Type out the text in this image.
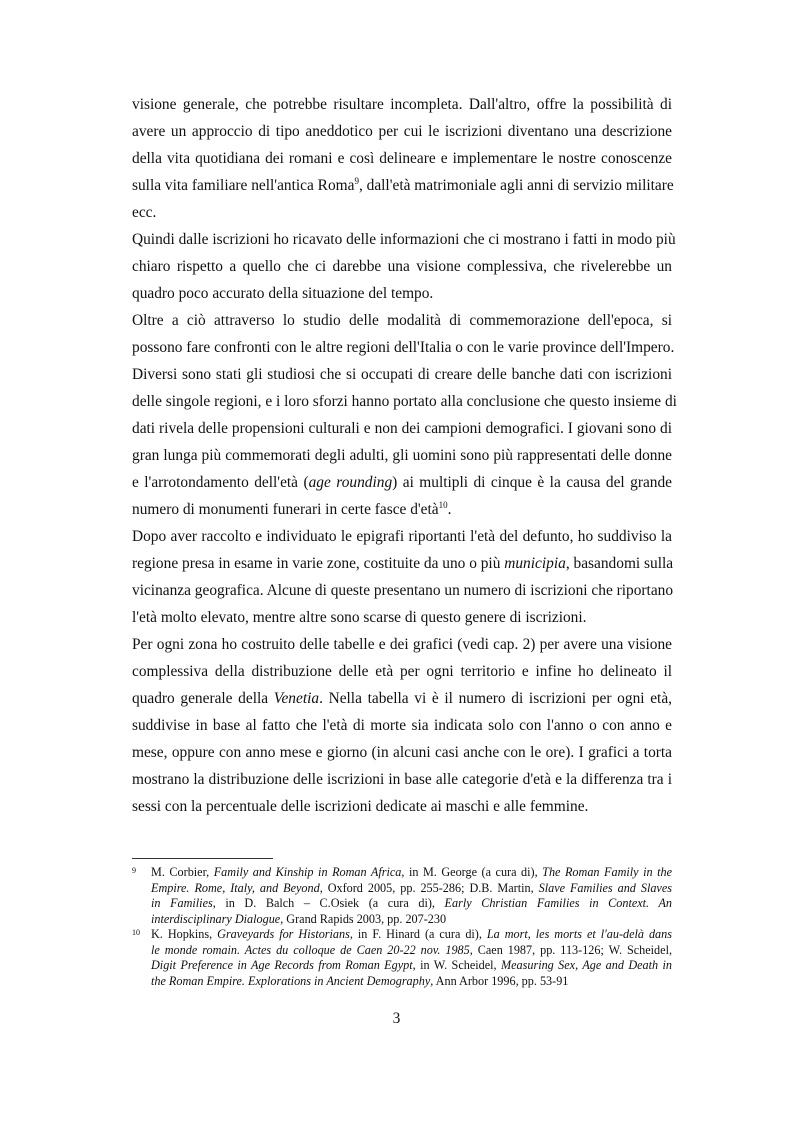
visione generale, che potrebbe risultare incompleta. Dall'altro, offre la possibilità di
avere un approccio di tipo aneddotico per cui le iscrizioni diventano una descrizione
della vita quotidiana dei romani e così delineare e implementare le nostre conoscenze
sulla vita familiare nell'antica Roma$^9$, dall'età matrimoniale agli anni di servizio militare
ecc.

Quindi dalle iscrizioni ho ricavato delle informazioni che ci mostrano i fatti in modo più
chiaro rispetto a quello che ci darebbe una visione complessiva, che rivelerebbe un
quadro poco accurato della situazione del tempo.

Oltre a ciò attraverso lo studio delle modalità di commemorazione dell'epoca, si
possono fare confronti con le altre regioni dell'Italia o con le varie province dell'Impero.
Diversi sono stati gli studiosi che si occupati di creare delle banche dati con iscrizioni
delle singole regioni, e i loro sforzi hanno portato alla conclusione che questo insieme di
dati rivela delle propensioni culturali e non dei campioni demografici. I giovani sono di
gran lunga più commemorati degli adulti, gli uomini sono più rappresentati delle donne
e l'arrotondamento dell'età (age rounding) ai multipli di cinque è la causa del grande
numero di monumenti funerari in certe fasce d'età$^{10}$.

Dopo aver raccolto e individuato le epigrafi riportanti l'età del defunto, ho suddiviso la
regione presa in esame in varie zone, costituite da uno o più municipia, basandomi sulla
vicinanza geografica. Alcune di queste presentano un numero di iscrizioni che riportano
l'età molto elevato, mentre altre sono scarse di questo genere di iscrizioni.

Per ogni zona ho costruito delle tabelle e dei grafici (vedi cap. 2) per avere una visione
complessiva della distribuzione delle età per ogni territorio e infine ho delineato il
quadro generale della Venetia. Nella tabella vi è il numero di iscrizioni per ogni età,
suddivise in base al fatto che l'età di morte sia indicata solo con l'anno o con anno e
mese, oppure con anno mese e giorno (in alcuni casi anche con le ore). I grafici a torta
mostrano la distribuzione delle iscrizioni in base alle categorie d'età e la differenza tra i
sessi con la percentuale delle iscrizioni dedicate ai maschi e alle femmine.

9 M. Corbier, Family and Kinship in Roman Africa, in M. George (a cura di), The Roman Family in the
Empire. Rome, Italy, and Beyond, Oxford 2005, pp. 255-286; D.B. Martin, Slave Families and Slaves
in Families, in D. Balch – C.Osiek (a cura di), Early Christian Families in Context. An
interdisciplinary Dialogue, Grand Rapids 2003, pp. 207-230
10 K. Hopkins, Graveyards for Historians, in F. Hinard (a cura di), La mort, les morts et l'au-delà dans
le monde romain. Actes du colloque de Caen 20-22 nov. 1985, Caen 1987, pp. 113-126; W. Scheidel,
Digit Preference in Age Records from Roman Egypt, in W. Scheidel, Measuring Sex, Age and Death in
the Roman Empire. Explorations in Ancient Demography, Ann Arbor 1996, pp. 53-91
3
